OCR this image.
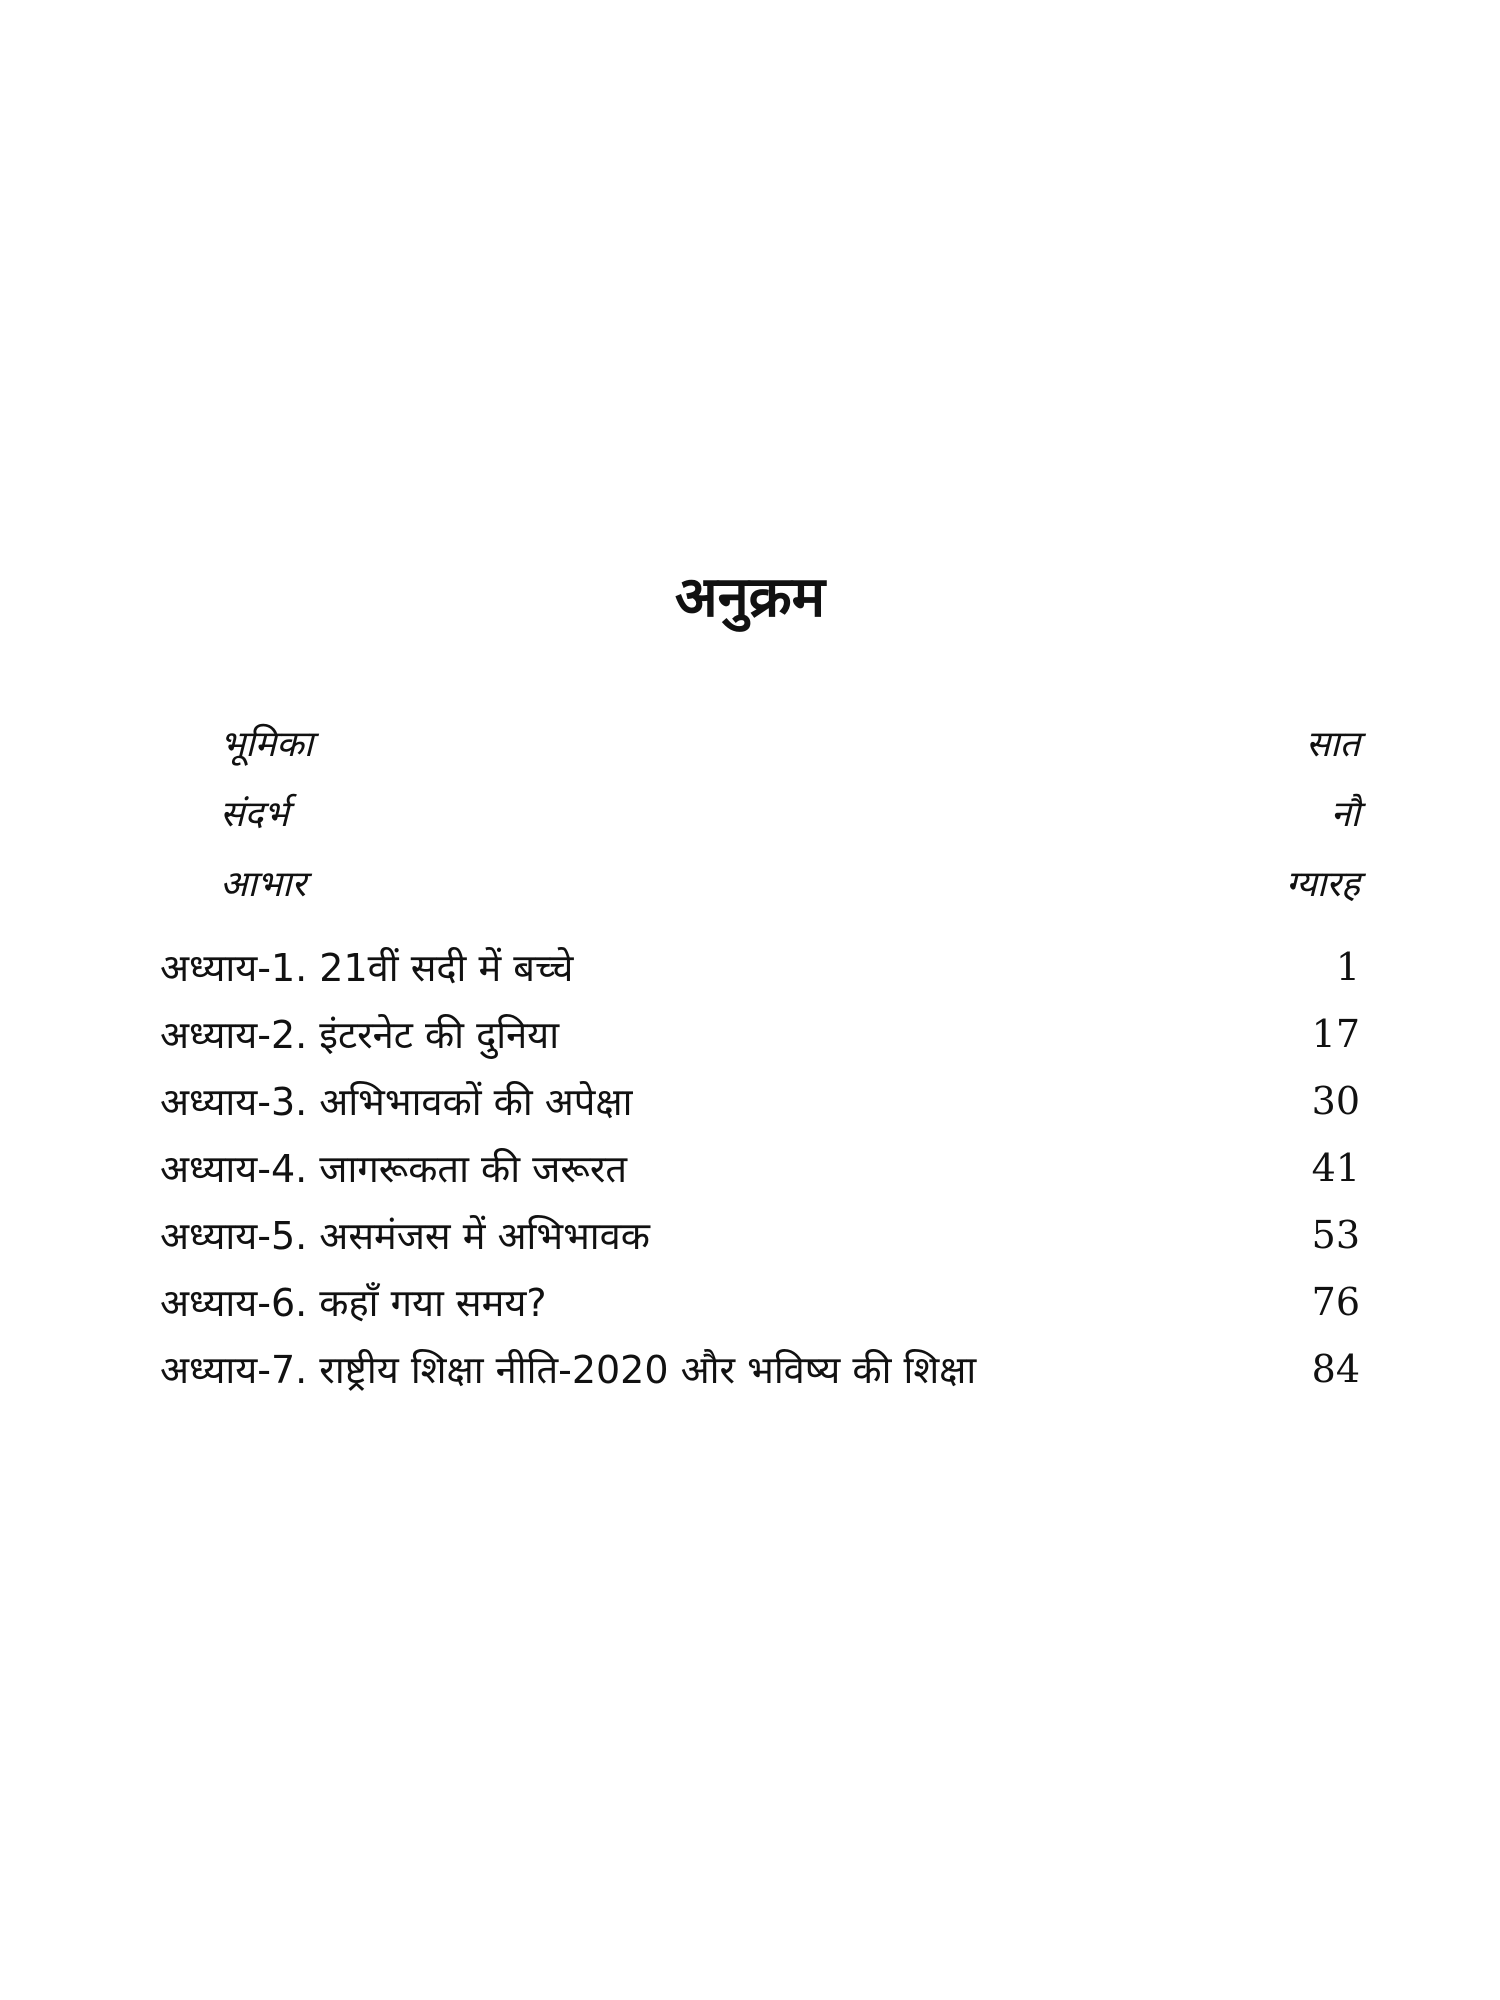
अनुक्रम
भूमिका	सात
संदर्भ	नौ
आभार	ग्यारह
अध्याय-1. 21वीं सदी में बच्चे	1
अध्याय-2. इंटरनेट की दुनिया	17
अध्याय-3. अभिभावकों की अपेक्षा	30
अध्याय-4. जागरूकता की जरूरत	41
अध्याय-5. असमंजस में अभिभावक	53
अध्याय-6. कहाँ गया समय?	76
अध्याय-7. राष्ट्रीय शिक्षा नीति-2020 और भविष्य की शिक्षा	84
